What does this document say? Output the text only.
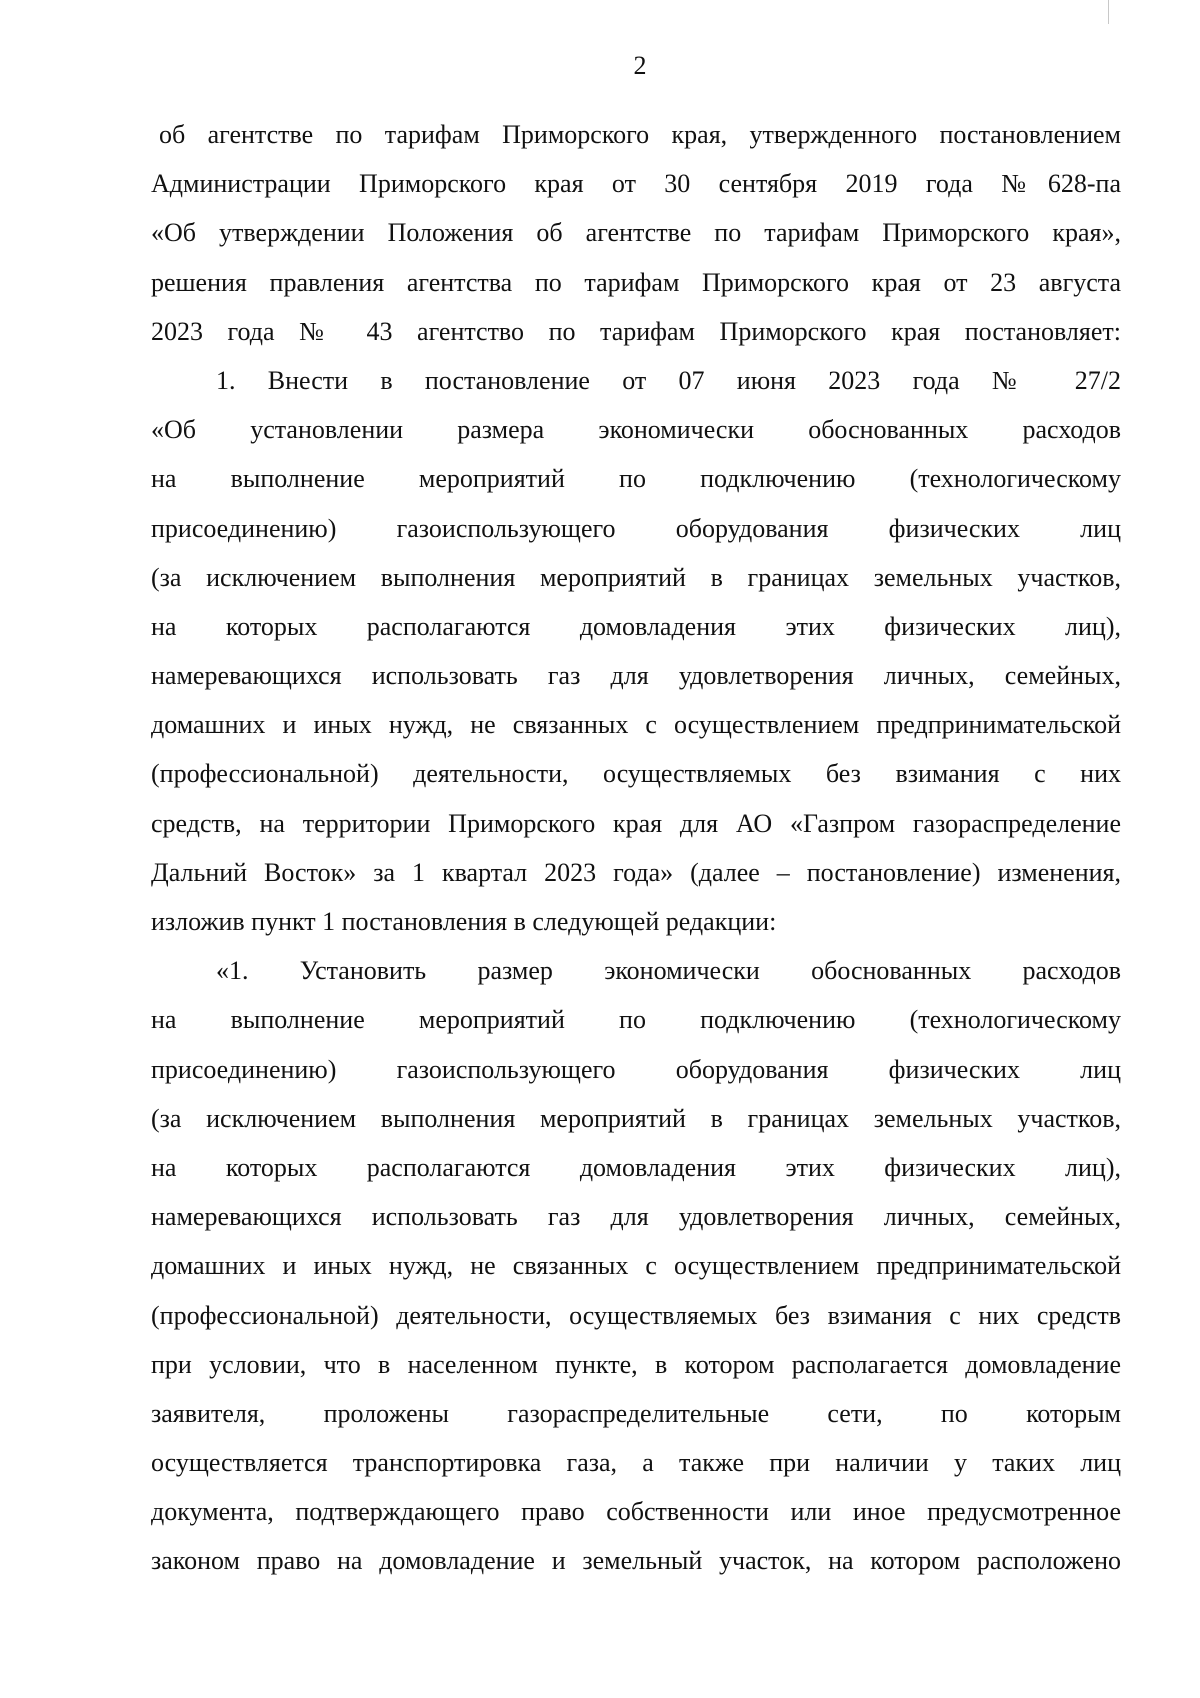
2
об агентстве по тарифам Приморского края, утвержденного постановлением
Администрации Приморского края от 30 сентября 2019 года №628-па
«Об утверждении Положения об агентстве по тарифам Приморского края»,
решения правления агентства по тарифам Приморского края от 23 августа
2023 года № 43 агентство по тарифам Приморского края постановляет:
1. Внести в постановление от 07 июня 2023 года № 27/2
«Об установлении размера экономически обоснованных расходов
на выполнение мероприятий по подключению (технологическому
присоединению) газоиспользующего оборудования физических лиц
(за исключением выполнения мероприятий в границах земельных участков,
на которых располагаются домовладения этих физических лиц),
намеревающихся использовать газ для удовлетворения личных, семейных,
домашних и иных нужд, не связанных с осуществлением предпринимательской
(профессиональной) деятельности, осуществляемых без взимания с них
средств, на территории Приморского края для АО «Газпром газораспределение
Дальний Восток» за 1 квартал 2023 года» (далее – постановление) изменения,
изложив пункт 1 постановления в следующей редакции:
«1. Установить размер экономически обоснованных расходов
на выполнение мероприятий по подключению (технологическому
присоединению) газоиспользующего оборудования физических лиц
(за исключением выполнения мероприятий в границах земельных участков,
на которых располагаются домовладения этих физических лиц),
намеревающихся использовать газ для удовлетворения личных, семейных,
домашних и иных нужд, не связанных с осуществлением предпринимательской
(профессиональной) деятельности, осуществляемых без взимания с них средств
при условии, что в населенном пункте, в котором располагается домовладение
заявителя, проложены газораспределительные сети, по которым
осуществляется транспортировка газа, а также при наличии у таких лиц
документа, подтверждающего право собственности или иное предусмотренное
законом право на домовладение и земельный участок, на котором расположено
